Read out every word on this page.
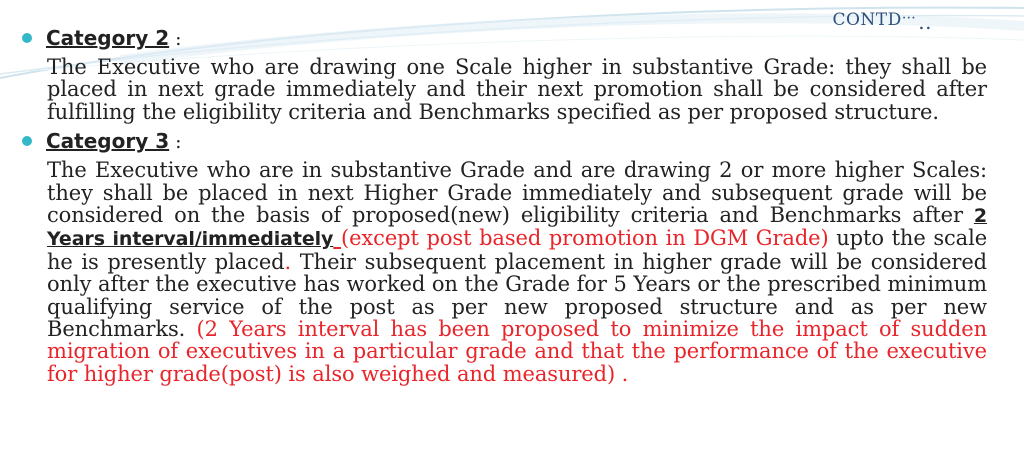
CONTD… ..
Category 2 :

The Executive who are drawing one Scale higher in substantive Grade: they shall be placed in next grade immediately and their next promotion shall be considered after fulfilling the eligibility criteria and Benchmarks specified as per proposed structure.

Category 3 :

The Executive who are in substantive Grade and are drawing 2 or more higher Scales: they shall be placed in next Higher Grade immediately and subsequent grade will be considered on the basis of proposed(new) eligibility criteria and Benchmarks after 2 Years interval/immediately (except post based promotion in DGM Grade) upto the scale he is presently placed. Their subsequent placement in higher grade will be considered only after the executive has worked on the Grade for 5 Years or the prescribed minimum qualifying service of the post as per new proposed structure and as per new Benchmarks. (2 Years interval has been proposed to minimize the impact of sudden migration of executives in a particular grade and that the performance of the executive for higher grade(post) is also weighed and measured) .
